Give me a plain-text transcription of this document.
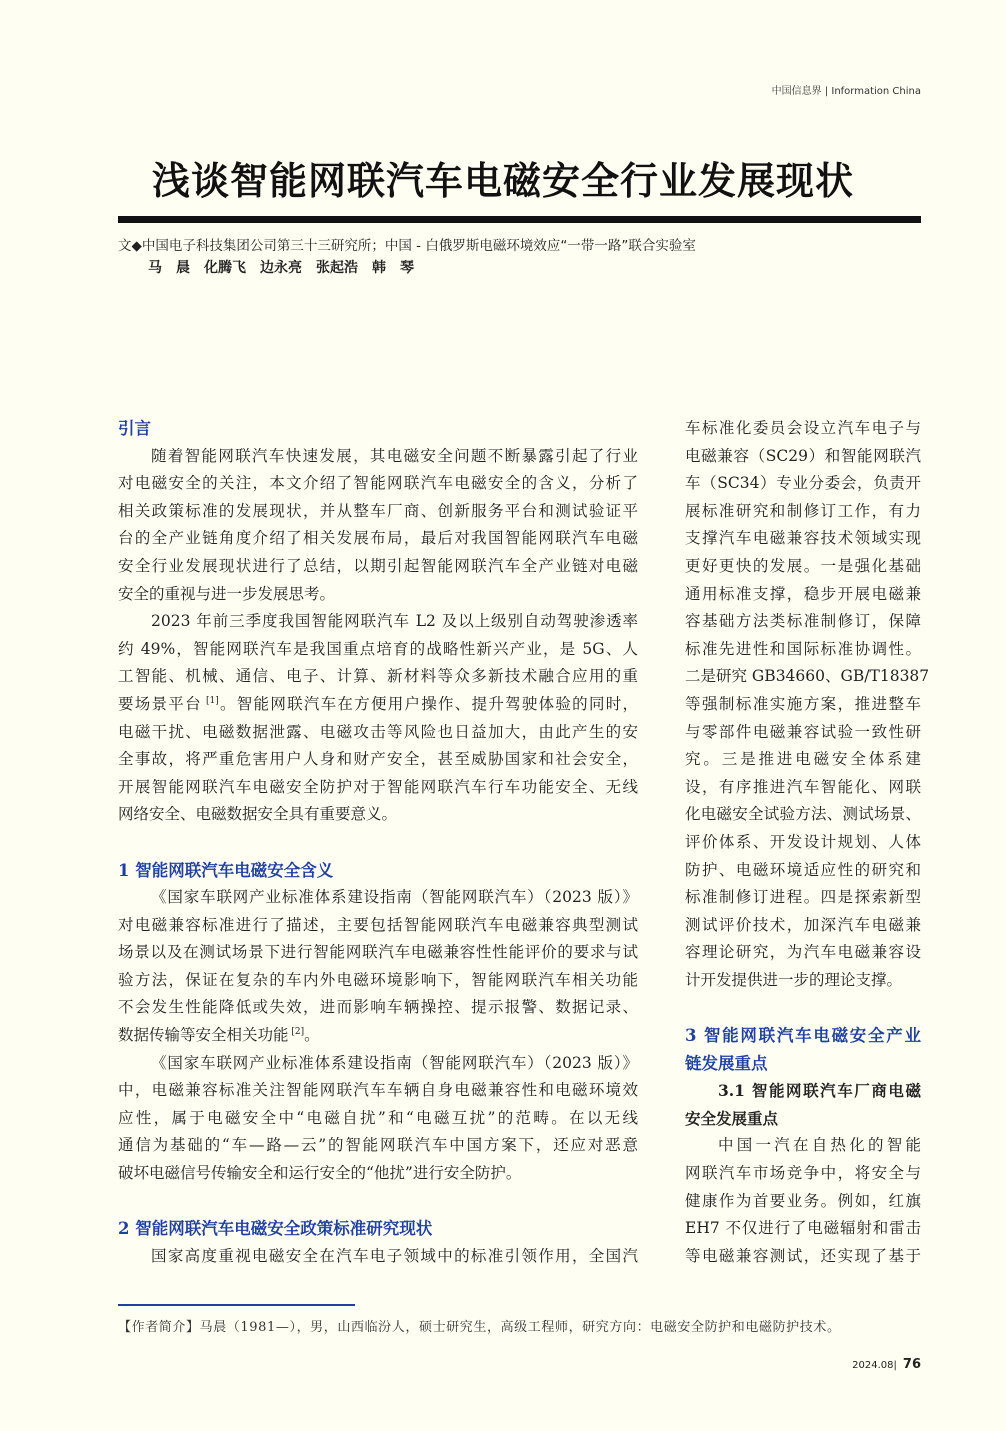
中国信息界 | Information China
浅谈智能网联汽车电磁安全行业发展现状
文◆中国电子科技集团公司第三十三研究所；中国 - 白俄罗斯电磁环境效应“一带一路”联合实验室
马　晨　化腾飞　边永亮　张起浩　韩　琴
引言
随着智能网联汽车快速发展，其电磁安全问题不断暴露引起了行业
对电磁安全的关注，本文介绍了智能网联汽车电磁安全的含义，分析了
相关政策标准的发展现状，并从整车厂商、创新服务平台和测试验证平
台的全产业链角度介绍了相关发展布局，最后对我国智能网联汽车电磁
安全行业发展现状进行了总结，以期引起智能网联汽车全产业链对电磁
安全的重视与进一步发展思考。
2023 年前三季度我国智能网联汽车 L2 及以上级别自动驾驶渗透率
约 49%，智能网联汽车是我国重点培育的战略性新兴产业，是 5G、人
工智能、机械、通信、电子、计算、新材料等众多新技术融合应用的重
要场景平台 [1]。智能网联汽车在方便用户操作、提升驾驶体验的同时，
电磁干扰、电磁数据泄露、电磁攻击等风险也日益加大，由此产生的安
全事故，将严重危害用户人身和财产安全，甚至威胁国家和社会安全，
开展智能网联汽车电磁安全防护对于智能网联汽车行车功能安全、无线
网络安全、电磁数据安全具有重要意义。
1 智能网联汽车电磁安全含义
《国家车联网产业标准体系建设指南（智能网联汽车）（2023 版）》
对电磁兼容标准进行了描述，主要包括智能网联汽车电磁兼容典型测试
场景以及在测试场景下进行智能网联汽车电磁兼容性性能评价的要求与试
验方法，保证在复杂的车内外电磁环境影响下，智能网联汽车相关功能
不会发生性能降低或失效，进而影响车辆操控、提示报警、数据记录、
数据传输等安全相关功能 [2]。
《国家车联网产业标准体系建设指南（智能网联汽车）（2023 版）》
中，电磁兼容标准关注智能网联汽车车辆自身电磁兼容性和电磁环境效
应性，属于电磁安全中“电磁自扰”和“电磁互扰”的范畴。在以无线
通信为基础的“车—路—云”的智能网联汽车中国方案下，还应对恶意
破坏电磁信号传输安全和运行安全的“他扰”进行安全防护。
2 智能网联汽车电磁安全政策标准研究现状
国家高度重视电磁安全在汽车电子领域中的标准引领作用，全国汽
车标准化委员会设立汽车电子与
电磁兼容（SC29）和智能网联汽
车（SC34）专业分委会，负责开
展标准研究和制修订工作，有力
支撑汽车电磁兼容技术领域实现
更好更快的发展。一是强化基础
通用标准支撑，稳步开展电磁兼
容基础方法类标准制修订，保障
标准先进性和国际标准协调性。
二是研究 GB34660、GB/T18387
等强制标准实施方案，推进整车
与零部件电磁兼容试验一致性研
究。三是推进电磁安全体系建
设，有序推进汽车智能化、网联
化电磁安全试验方法、测试场景、
评价体系、开发设计规划、人体
防护、电磁环境适应性的研究和
标准制修订进程。四是探索新型
测试评价技术，加深汽车电磁兼
容理论研究，为汽车电磁兼容设
计开发提供进一步的理论支撑。
3 智能网联汽车电磁安全产业
链发展重点
3.1 智能网联汽车厂商电磁
安全发展重点
中国一汽在自热化的智能
网联汽车市场竞争中，将安全与
健康作为首要业务。例如，红旗
EH7 不仅进行了电磁辐射和雷击
等电磁兼容测试，还实现了基于
【作者简介】马晨（1981—），男，山西临汾人，硕士研究生，高级工程师，研究方向：电磁安全防护和电磁防护技术。
2024.08| 76
